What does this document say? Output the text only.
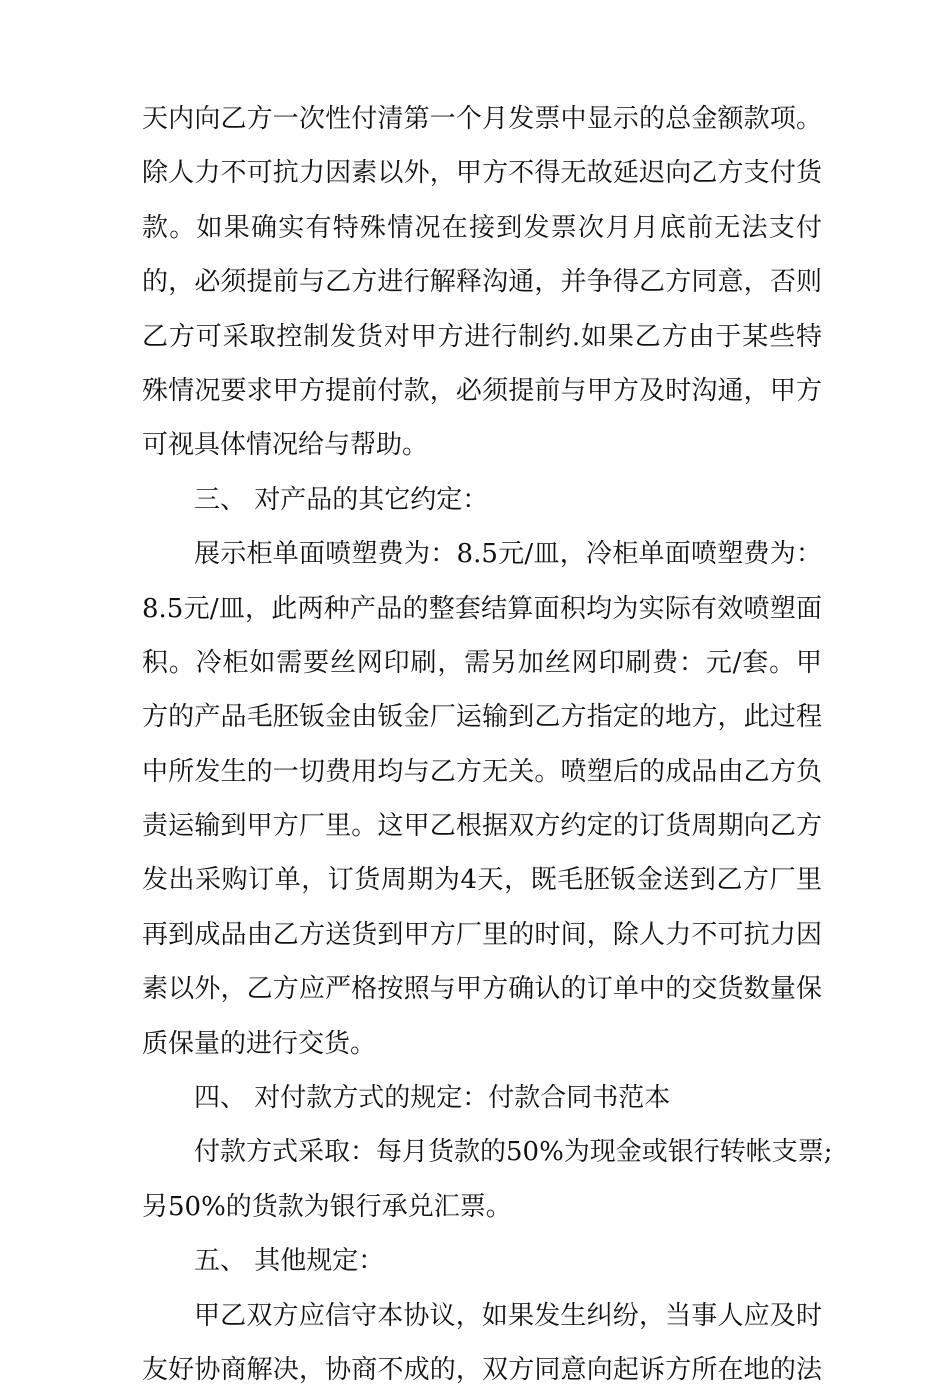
天内向乙方一次性付清第一个月发票中显示的总金额款项。
除人力不可抗力因素以外，甲方不得无故延迟向乙方支付货
款。如果确实有特殊情况在接到发票次月月底前无法支付
的，必须提前与乙方进行解释沟通，并争得乙方同意，否则
乙方可采取控制发货对甲方进行制约.如果乙方由于某些特
殊情况要求甲方提前付款，必须提前与甲方及时沟通，甲方
可视具体情况给与帮助。
三、 对产品的其它约定：
展示柜单面喷塑费为：8.5元/皿，冷柜单面喷塑费为：
8.5元/皿，此两种产品的整套结算面积均为实际有效喷塑面
积。冷柜如需要丝网印刷，需另加丝网印刷费：元/套。甲
方的产品毛胚钣金由钣金厂运输到乙方指定的地方，此过程
中所发生的一切费用均与乙方无关。喷塑后的成品由乙方负
责运输到甲方厂里。这甲乙根据双方约定的订货周期向乙方
发出采购订单，订货周期为4天，既毛胚钣金送到乙方厂里
再到成品由乙方送货到甲方厂里的时间，除人力不可抗力因
素以外，乙方应严格按照与甲方确认的订单中的交货数量保
质保量的进行交货。
四、 对付款方式的规定：付款合同书范本
付款方式采取：每月货款的50%为现金或银行转帐支票;
另50%的货款为银行承兑汇票。
五、 其他规定：
甲乙双方应信守本协议，如果发生纠纷，当事人应及时
友好协商解决，协商不成的，双方同意向起诉方所在地的法
